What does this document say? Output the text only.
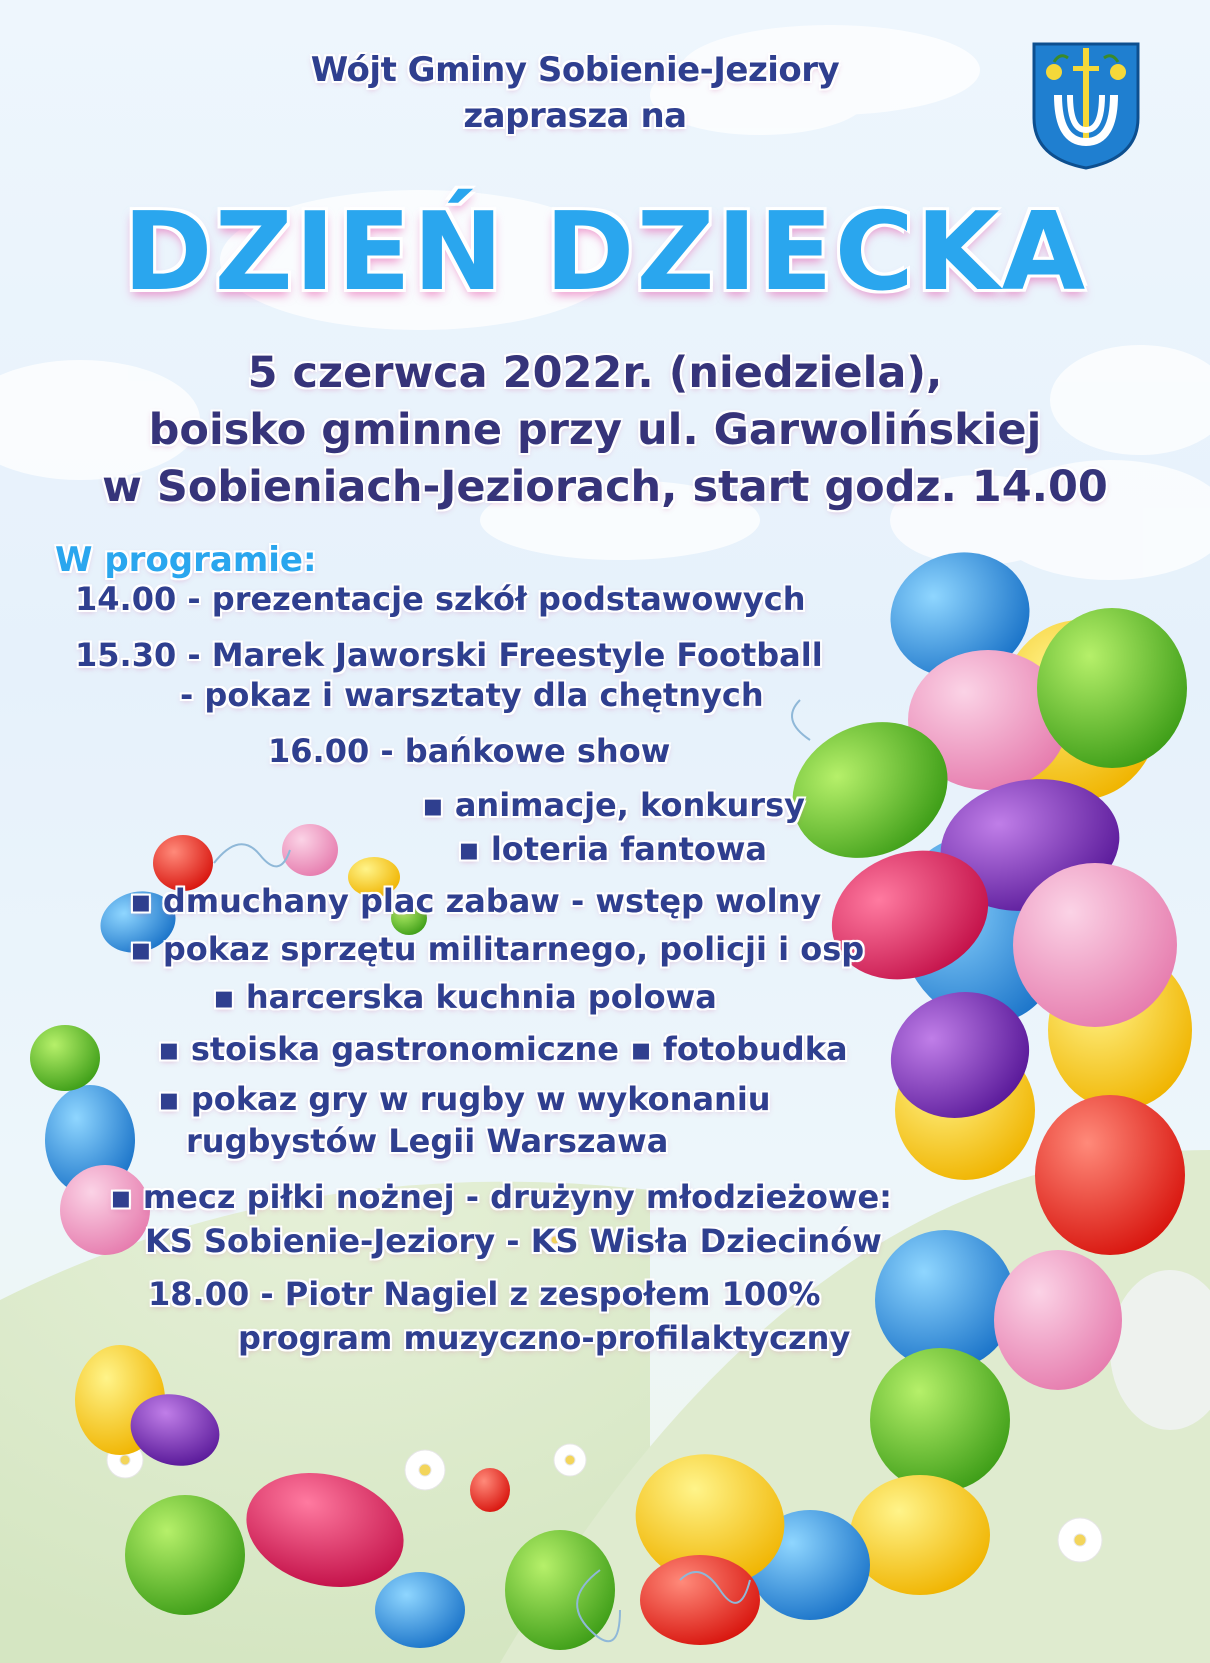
Wójt Gminy Sobienie-Jeziory
zaprasza na
DZIEŃ DZIECKA
5 czerwca 2022r. (niedziela),
boisko gminne przy ul. Garwolińskiej
w Sobieniach-Jeziorach, start godz. 14.00
W programie:
14.00 - prezentacje szkół podstawowych
15.30 - Marek Jaworski Freestyle Football
- pokaz i warsztaty dla chętnych
16.00 - bańkowe show
▪ animacje, konkursy
▪ loteria fantowa
▪ dmuchany plac zabaw - wstęp wolny
▪ pokaz sprzętu militarnego, policji i osp
▪ harcerska kuchnia polowa
▪ stoiska gastronomiczne ▪ fotobudka
▪ pokaz gry w rugby w wykonaniu
rugbystów Legii Warszawa
▪ mecz piłki nożnej - drużyny młodzieżowe:
KS Sobienie-Jeziory - KS Wisła Dziecinów
18.00 - Piotr Nagiel z zespołem 100%
program muzyczno-profilaktyczny
